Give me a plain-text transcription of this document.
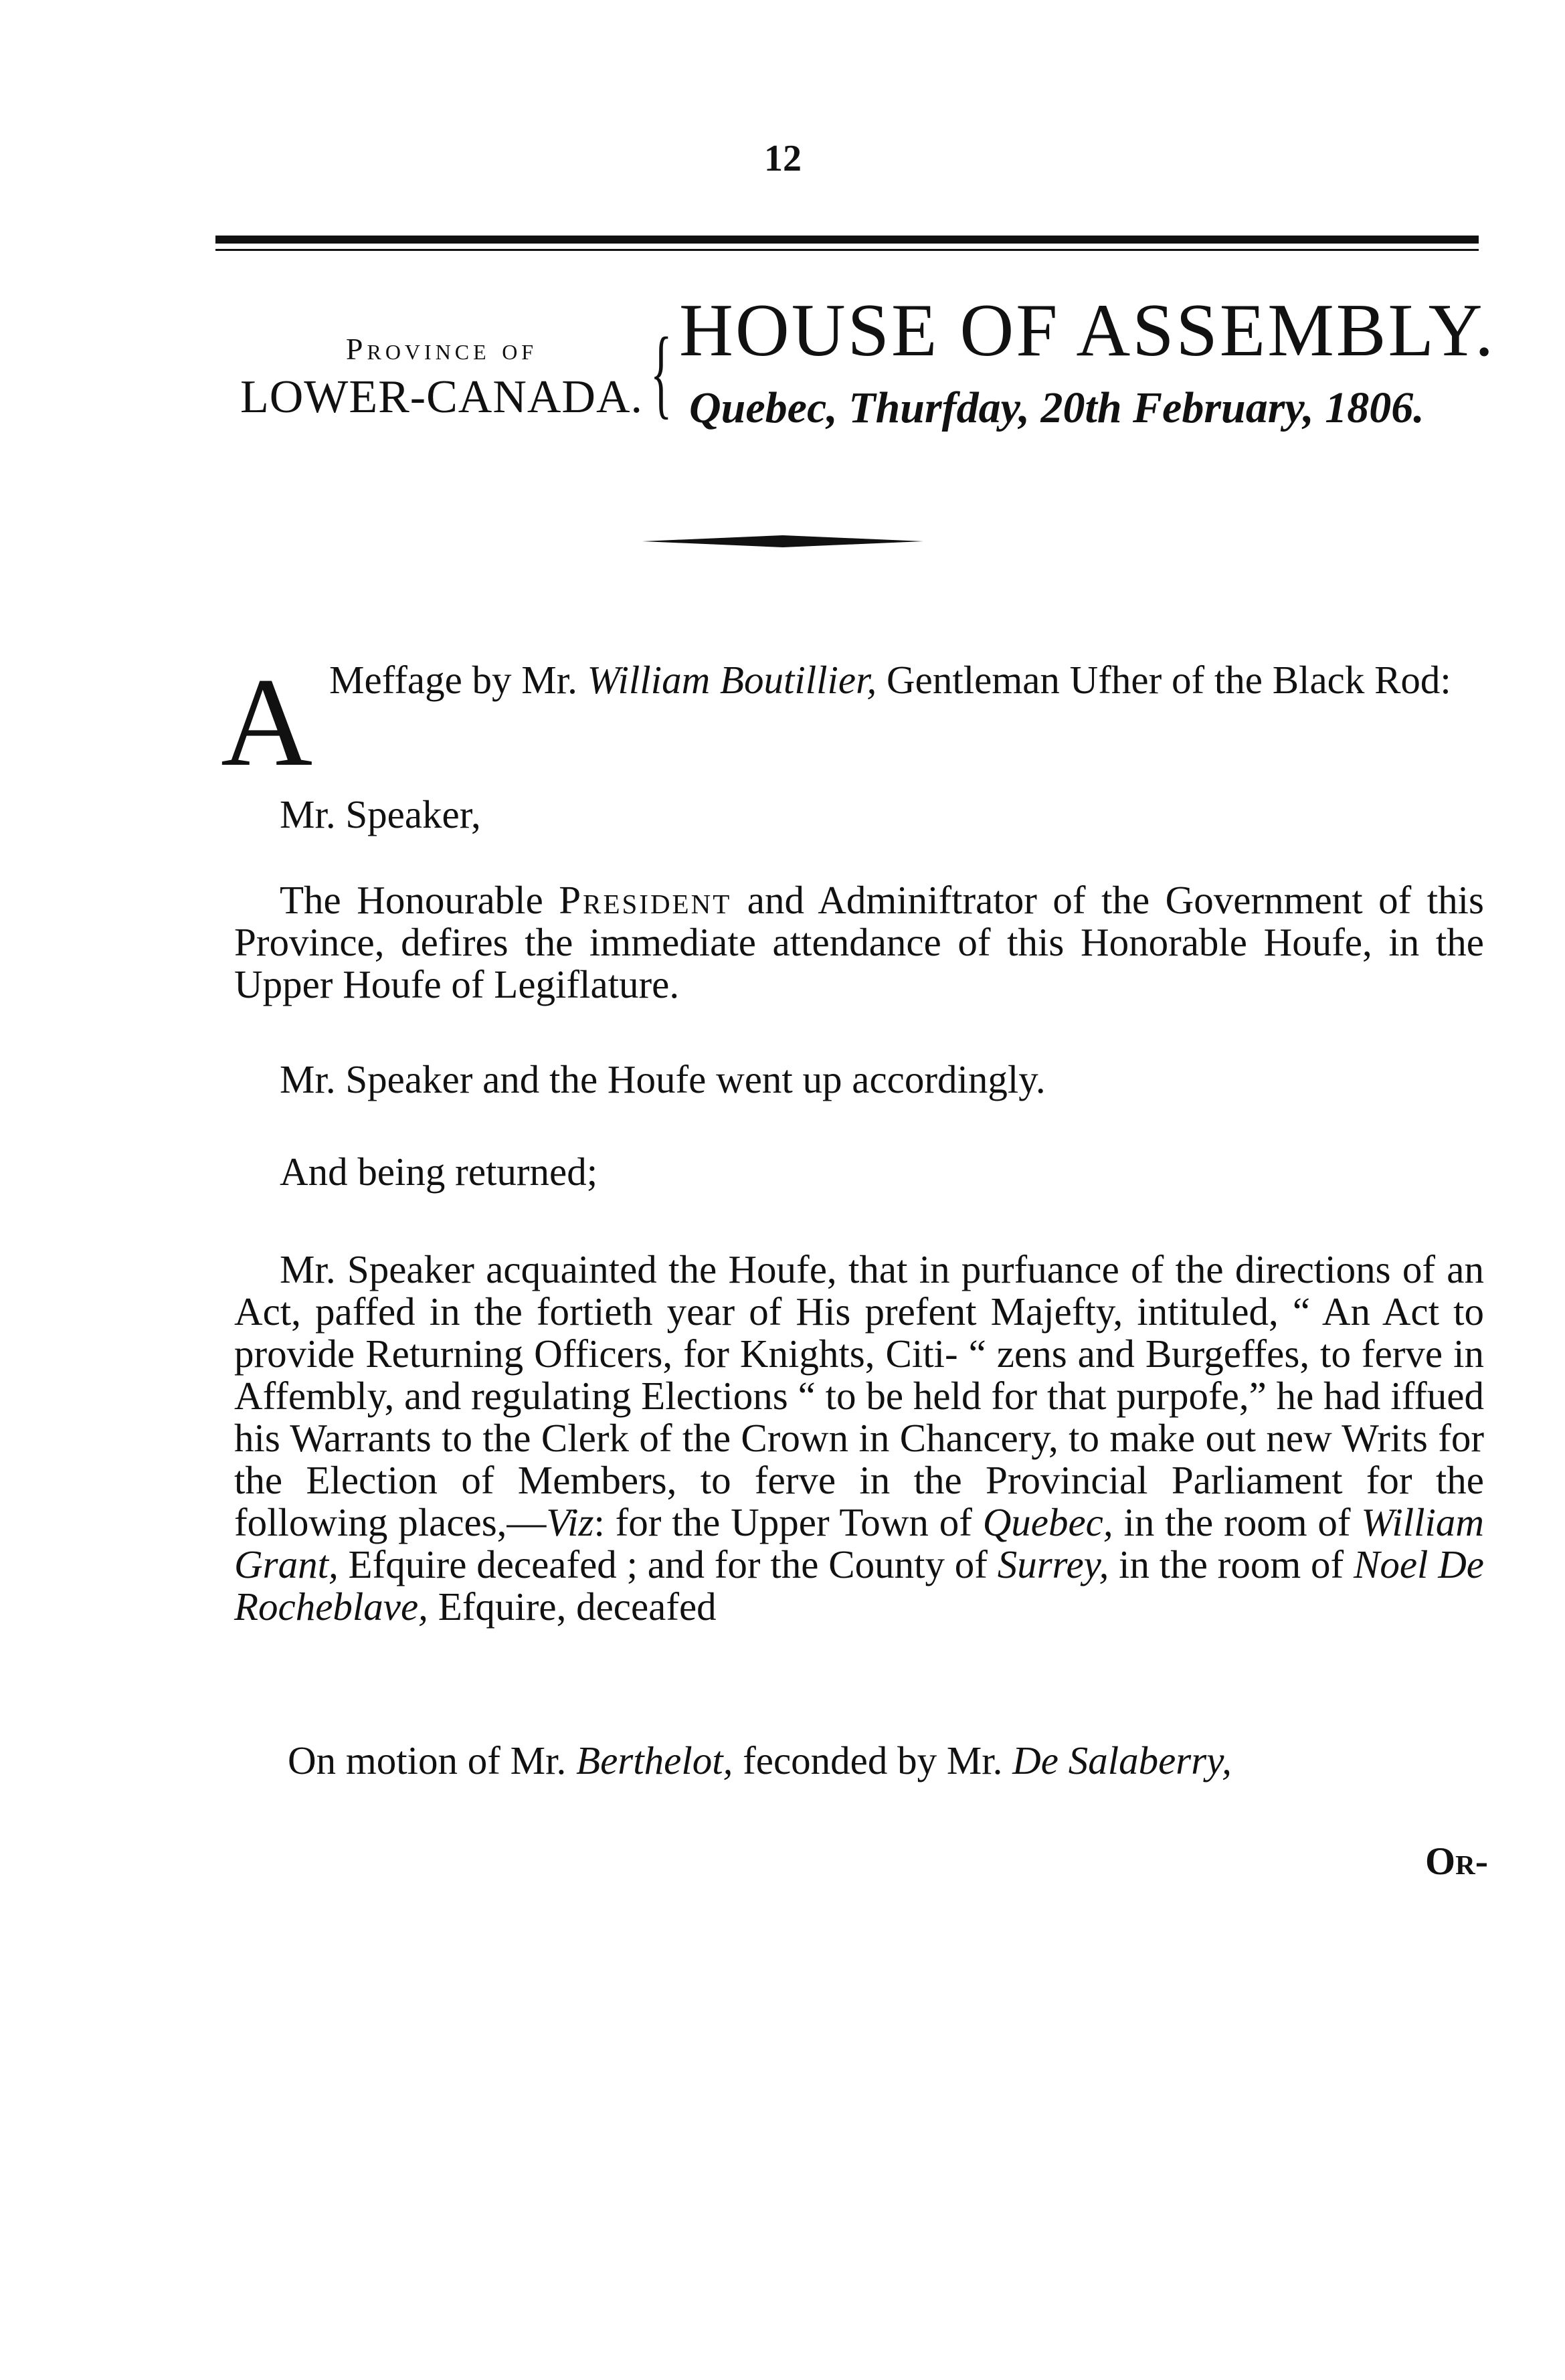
12
Province of
LOWER-CANADA. { HOUSE OF ASSEMBLY.
Quebec, Thurfday, 20th February, 1806.
A Meffage by Mr. William Boutillier, Gentleman Ufher of the Black Rod:
Mr. Speaker,
The Honourable President and Adminiftrator of the Government of this Province, defires the immediate attendance of this Honorable Houfe, in the Upper Houfe of Legiflature.
Mr. Speaker and the Houfe went up accordingly.
And being returned;
Mr. Speaker acquainted the Houfe, that in purfuance of the directions of an Act, paffed in the fortieth year of His prefent Majefty, intituled, “ An Act to provide Returning Officers, for Knights, Citi- “ zens and Burgeffes, to ferve in Affembly, and regulating Elections “ to be held for that purpofe,” he had iffued his Warrants to the Clerk of the Crown in Chancery, to make out new Writs for the Election of Members, to ferve in the Provincial Parliament for the following places,—Viz: for the Upper Town of Quebec, in the room of William Grant, Efquire deceafed ; and for the County of Surrey, in the room of Noel De Rocheblave, Efquire, deceafed
On motion of Mr. Berthelot, feconded by Mr. De Salaberry,
Or-
